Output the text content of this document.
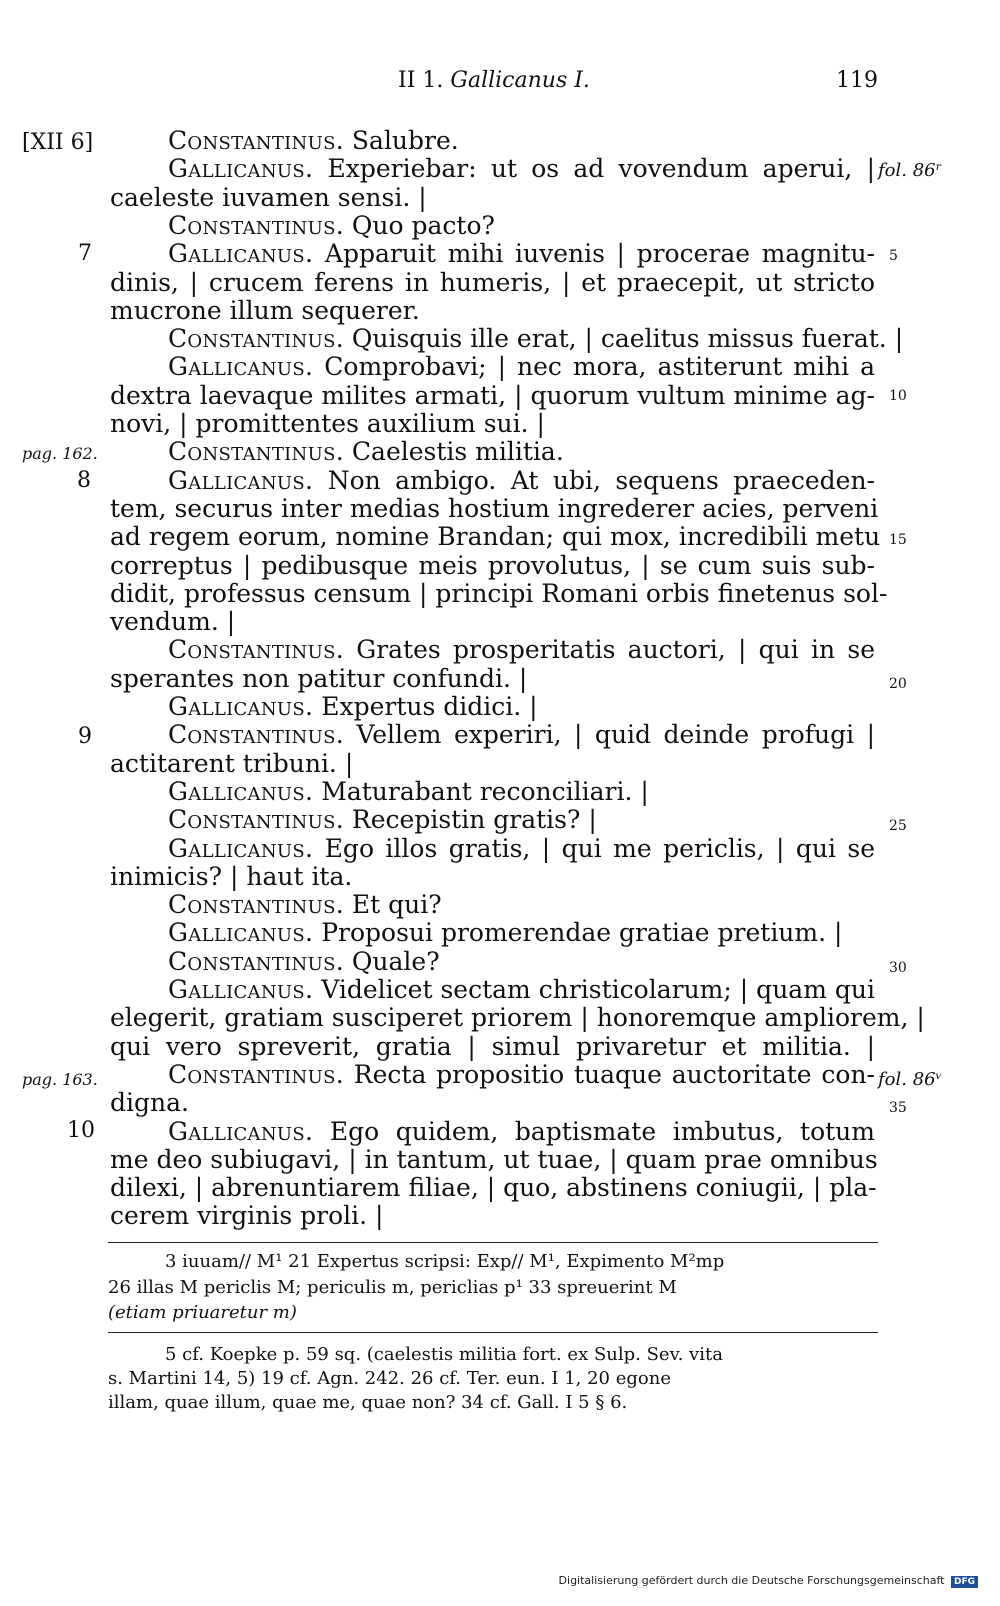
II 1. Gallicanus I.	119
[XII 6]
7
pag. 162.
8
9
pag. 163.
10
fol. 86ʳ
5
10
15
20
25
30
fol. 86ᵛ
35
Constantinus. Salubre.
Gallicanus. Experiebar: ut os ad vovendum aperui, |
caeleste iuvamen sensi. |
Constantinus. Quo pacto?
Gallicanus. Apparuit mihi iuvenis | procerae magnitu-
dinis, | crucem ferens in humeris, | et praecepit, ut stricto
mucrone illum sequerer.
Constantinus. Quisquis ille erat, | caelitus missus fuerat. |
Gallicanus. Comprobavi; | nec mora, astiterunt mihi a
dextra laevaque milites armati, | quorum vultum minime ag-
novi, | promittentes auxilium sui. |
Constantinus. Caelestis militia.
Gallicanus. Non ambigo. At ubi, sequens praeceden-
tem, securus inter medias hostium ingrederer acies, perveni
ad regem eorum, nomine Brandan; qui mox, incredibili metu
correptus | pedibusque meis provolutus, | se cum suis sub-
didit, professus censum | principi Romani orbis finetenus sol-
vendum. |
Constantinus. Grates prosperitatis auctori, | qui in se
sperantes non patitur confundi. |
Gallicanus. Expertus didici. |
Constantinus. Vellem experiri, | quid deinde profugi |
actitarent tribuni. |
Gallicanus. Maturabant reconciliari. |
Constantinus. Recepistin gratis? |
Gallicanus. Ego illos gratis, | qui me periclis, | qui se
inimicis? | haut ita.
Constantinus. Et qui?
Gallicanus. Proposui promerendae gratiae pretium. |
Constantinus. Quale?
Gallicanus. Videlicet sectam christicolarum; | quam qui
elegerit, gratiam susciperet priorem | honoremque ampliorem, |
qui vero spreverit, gratia | simul privaretur et militia. |
Constantinus. Recta propositio tuaque auctoritate con-
digna.
Gallicanus. Ego quidem, baptismate imbutus, totum
me deo subiugavi, | in tantum, ut tuae, | quam prae omnibus
dilexi, | abrenuntiarem filiae, | quo, abstinens coniugii, | pla-
cerem virginis proli. |
3 iuuam// M¹ 21 Expertus scripsi: Exp// M¹, Expimento M²mp
26 illas M periclis M; periculis m, periclias p¹ 33 spreuerint M
(etiam priuaretur m)
5 cf. Koepke p. 59 sq. (caelestis militia fort. ex Sulp. Sev. vita
s. Martini 14, 5) 19 cf. Agn. 242. 26 cf. Ter. eun. I 1, 20 egone
illam, quae illum, quae me, quae non? 34 cf. Gall. I 5 § 6.
Digitalisierung gefördert durch die Deutsche Forschungsgemeinschaft DFG
